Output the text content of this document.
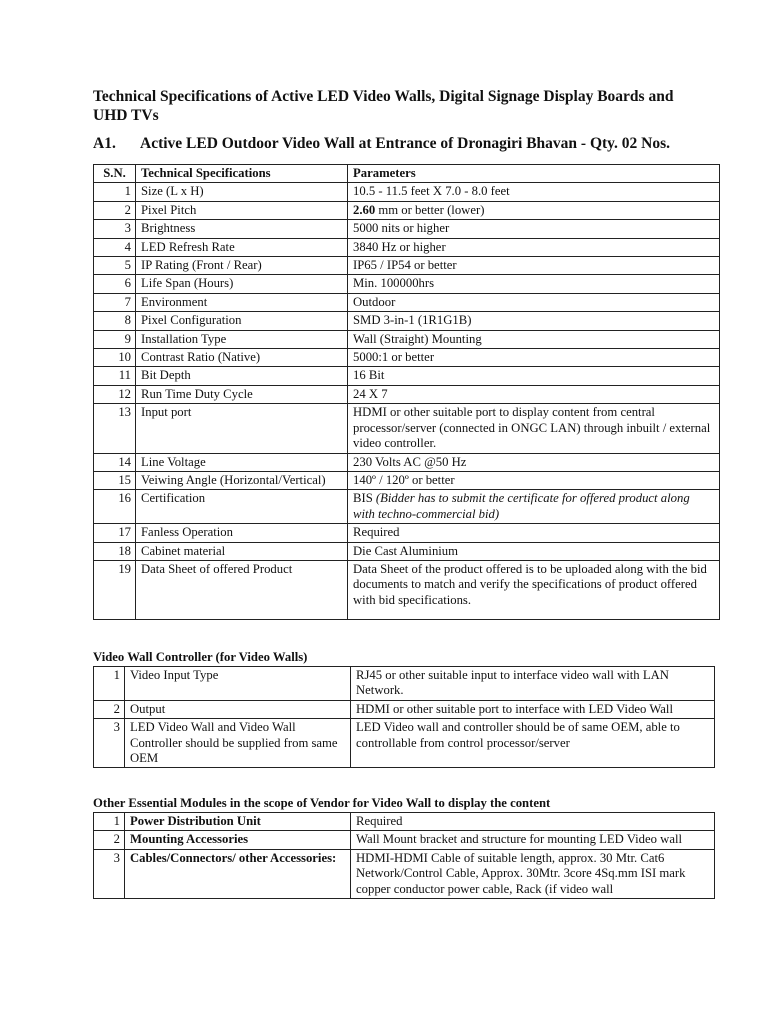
Technical Specifications of Active LED Video Walls, Digital Signage Display Boards and UHD TVs
A1. Active LED Outdoor Video Wall at Entrance of Dronagiri Bhavan - Qty. 02 Nos.
S.N.	Technical Specifications	Parameters
1	Size (L x H)	10.5 - 11.5 feet X 7.0 - 8.0 feet
2	Pixel Pitch	2.60 mm or better (lower)
3	Brightness	5000 nits or higher
4	LED Refresh Rate	3840 Hz or higher
5	IP Rating (Front / Rear)	IP65 / IP54 or better
6	Life Span (Hours)	Min. 100000hrs
7	Environment	Outdoor
8	Pixel Configuration	SMD 3-in-1 (1R1G1B)
9	Installation Type	Wall (Straight) Mounting
10	Contrast Ratio (Native)	5000:1 or better
11	Bit Depth	16 Bit
12	Run Time Duty Cycle	24 X 7
13	Input port	HDMI or other suitable port to display content from central processor/server (connected in ONGC LAN) through inbuilt / external video controller.
14	Line Voltage	230 Volts AC @50 Hz
15	Veiwing Angle (Horizontal/Vertical)	140º / 120º or better
16	Certification	BIS (Bidder has to submit the certificate for offered product along with techno-commercial bid)
17	Fanless Operation	Required
18	Cabinet material	Die Cast Aluminium
19	Data Sheet of offered Product	Data Sheet of the product offered is to be uploaded along with the bid documents to match and verify the specifications of product offered with bid specifications.
Video Wall Controller (for Video Walls)
1	Video Input Type	RJ45 or other suitable input to interface video wall with LAN Network.
2	Output	HDMI or other suitable port to interface with LED Video Wall
3	LED Video Wall and Video Wall Controller should be supplied from same OEM	LED Video wall and controller should be of same OEM, able to controllable from control processor/server
Other Essential Modules in the scope of Vendor for Video Wall to display the content
1	Power Distribution Unit	Required
2	Mounting Accessories	Wall Mount bracket and structure for mounting LED Video wall
3	Cables/Connectors/ other Accessories:	HDMI-HDMI Cable of suitable length, approx. 30 Mtr. Cat6 Network/Control Cable, Approx. 30Mtr. 3core 4Sq.mm ISI mark copper conductor power cable, Rack (if video wall
